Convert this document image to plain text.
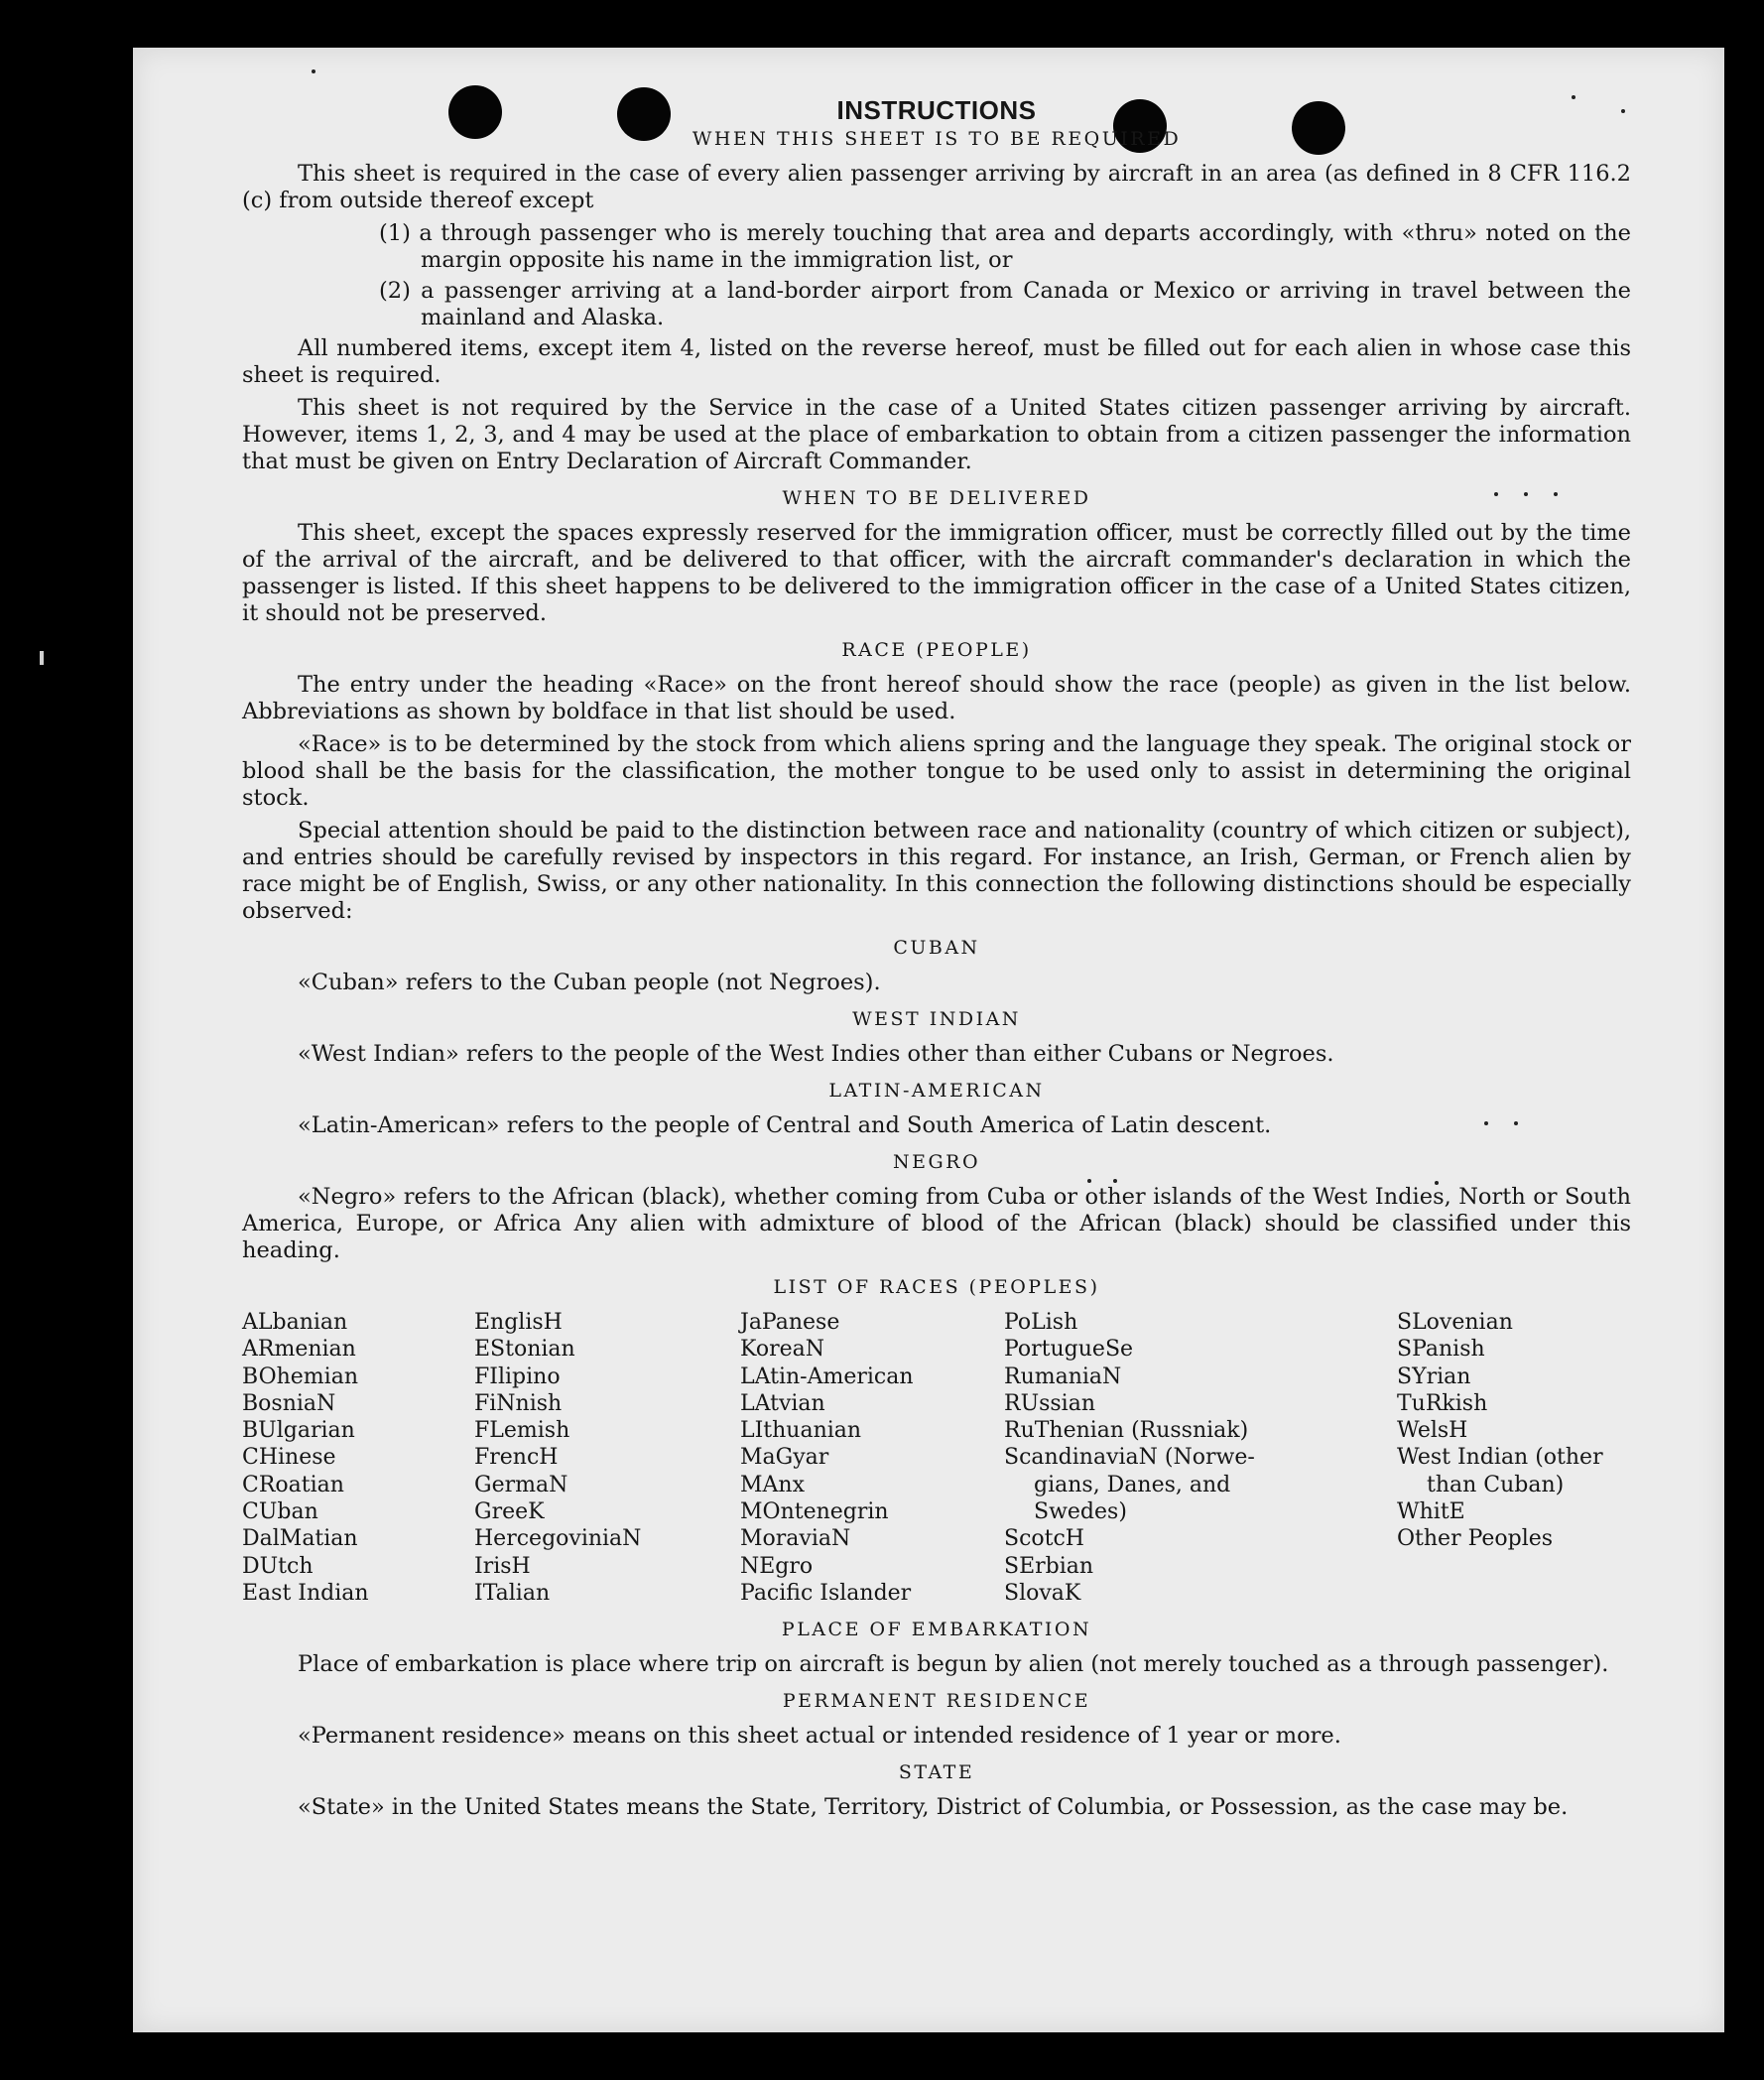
INSTRUCTIONS
WHEN THIS SHEET IS TO BE REQUIRED

This sheet is required in the case of every alien passenger arriving by aircraft in an area (as defined in 8 CFR 116.2 (c) from outside thereof except

(1) a through passenger who is merely touching that area and departs accordingly, with «thru» noted on the margin opposite his name in the immigration list, or
(2) a passenger arriving at a land-border airport from Canada or Mexico or arriving in travel between the mainland and Alaska.

All numbered items, except item 4, listed on the reverse hereof, must be filled out for each alien in whose case this sheet is required.

This sheet is not required by the Service in the case of a United States citizen passenger arriving by aircraft. However, items 1, 2, 3, and 4 may be used at the place of embarkation to obtain from a citizen passenger the information that must be given on Entry Declaration of Aircraft Commander.

WHEN TO BE DELIVERED

This sheet, except the spaces expressly reserved for the immigration officer, must be correctly filled out by the time of the arrival of the aircraft, and be delivered to that officer, with the aircraft commander's declaration in which the passenger is listed. If this sheet happens to be delivered to the immigration officer in the case of a United States citizen, it should not be preserved.

RACE (PEOPLE)

The entry under the heading «Race» on the front hereof should show the race (people) as given in the list below. Abbreviations as shown by boldface in that list should be used.

«Race» is to be determined by the stock from which aliens spring and the language they speak. The original stock or blood shall be the basis for the classification, the mother tongue to be used only to assist in determining the original stock.

Special attention should be paid to the distinction between race and nationality (country of which citizen or subject), and entries should be carefully revised by inspectors in this regard. For instance, an Irish, German, or French alien by race might be of English, Swiss, or any other nationality. In this connection the following distinctions should be especially observed:

CUBAN

«Cuban» refers to the Cuban people (not Negroes).

WEST INDIAN

«West Indian» refers to the people of the West Indies other than either Cubans or Negroes.

LATIN-AMERICAN

«Latin-American» refers to the people of Central and South America of Latin descent.

NEGRO

«Negro» refers to the African (black), whether coming from Cuba or other islands of the West Indies, North or South America, Europe, or Africa Any alien with admixture of blood of the African (black) should be classified under this heading.

LIST OF RACES (PEOPLES)
ALbanian
ARmenian
BOhemian
BosniaN
BUlgarian
CHinese
CRoatian
CUban
DalMatian
DUtch
East Indian
EnglisH
EStonian
FIlipino
FiNnish
FLemish
FrencH
GermaN
GreeK
HercegoviniaN
IrisH
ITalian
JaPanese
KoreaN
LAtin-American
LAtvian
LIthuanian
MaGyar
MAnx
MOntenegrin
MoraviaN
NEgro
Pacific Islander
PoLish
PortugueSe
RumaniaN
RUssian
RuThenian (Russniak)
ScandinaviaN (Norwe-
gians, Danes, and
Swedes)
ScotcH
SErbian
SlovaK
SLovenian
SPanish
SYrian
TuRkish
WelsH
West Indian (other
than Cuban)
WhitE
Other Peoples
PLACE OF EMBARKATION

Place of embarkation is place where trip on aircraft is begun by alien (not merely touched as a through passenger).

PERMANENT RESIDENCE

«Permanent residence» means on this sheet actual or intended residence of 1 year or more.

STATE

«State» in the United States means the State, Territory, District of Columbia, or Possession, as the case may be.
